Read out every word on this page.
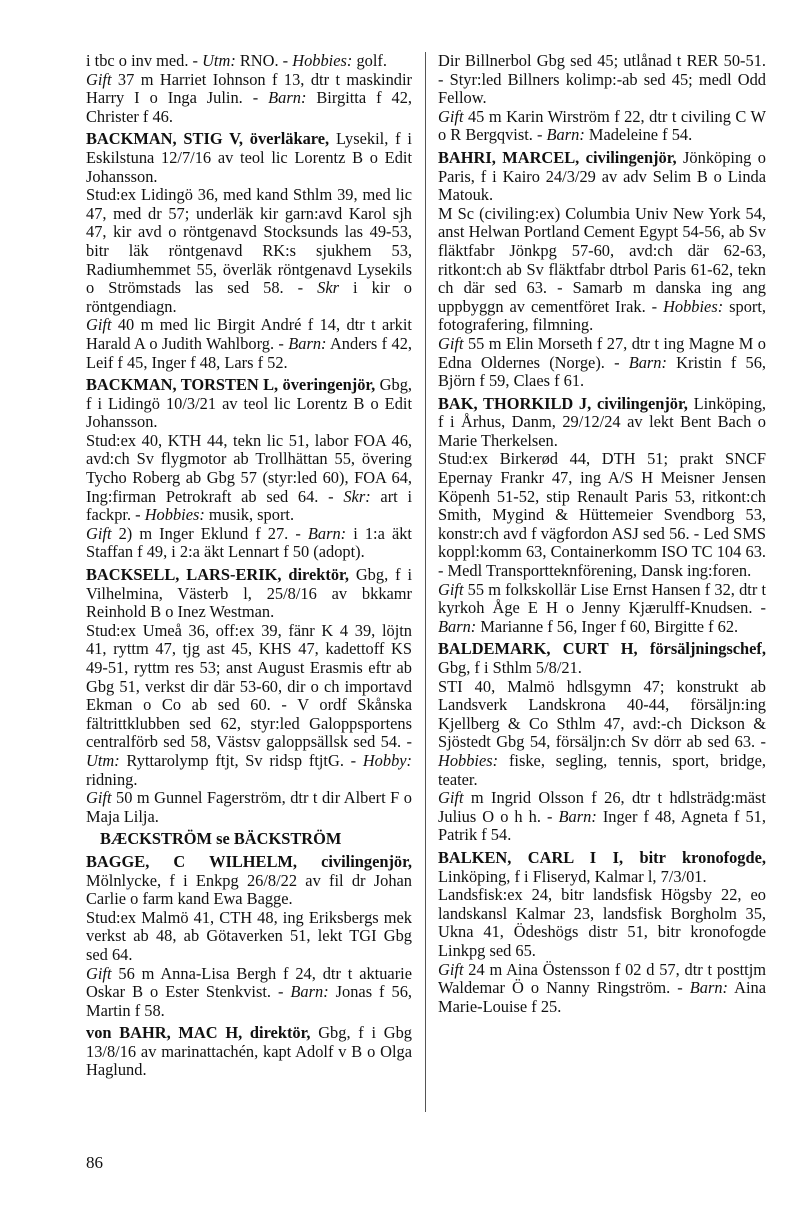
i tbc o inv med. - Utm: RNO. - Hobbies: golf.
Gift 37 m Harriet Iohnson f 13, dtr t maskindir Harry I o Inga Julin. - Barn: Birgitta f 42, Christer f 46.
BACKMAN, STIG V, överläkare, Lysekil, f i Eskilstuna 12/7/16 av teol lic Lorentz B o Edit Johansson.
Stud:ex Lidingö 36, med kand Sthlm 39, med lic 47, med dr 57; underläk kir garn:avd Karol sjh 47, kir avd o röntgenavd Stocksunds las 49-53, bitr läk röntgenavd RK:s sjukhem 53, Radiumhemmet 55, överläk röntgenavd Lysekils o Strömstads las sed 58. - Skr i kir o röntgendiagn.
Gift 40 m med lic Birgit André f 14, dtr t arkit Harald A o Judith Wahlborg. - Barn: Anders f 42, Leif f 45, Inger f 48, Lars f 52.
BACKMAN, TORSTEN L, överingenjör, Gbg, f i Lidingö 10/3/21 av teol lic Lorentz B o Edit Johansson.
Stud:ex 40, KTH 44, tekn lic 51, labor FOA 46, avd:ch Sv flygmotor ab Trollhättan 55, övering Tycho Roberg ab Gbg 57 (styr:led 60), FOA 64, Ing:firman Petrokraft ab sed 64. - Skr: art i fackpr. - Hobbies: musik, sport.
Gift 2) m Inger Eklund f 27. - Barn: i 1:a äkt Staffan f 49, i 2:a äkt Lennart f 50 (adopt).
BACKSELL, LARS-ERIK, direktör, Gbg, f i Vilhelmina, Västerb l, 25/8/16 av bkkamr Reinhold B o Inez Westman.
Stud:ex Umeå 36, off:ex 39, fänr K 4 39, löjtn 41, ryttm 47, tjg ast 45, KHS 47, kadettoff KS 49-51, ryttm res 53; anst August Erasmis eftr ab Gbg 51, verkst dir där 53-60, dir o ch importavd Ekman o Co ab sed 60. - V ordf Skånska fältrittklubben sed 62, styr:led Galoppsportens centralförb sed 58, Västsv galoppsällsk sed 54. - Utm: Ryttarolymp ftjt, Sv ridsp ftjtG. - Hobby: ridning.
Gift 50 m Gunnel Fagerström, dtr t dir Albert F o Maja Lilja.
BÆCKSTRÖM se BÄCKSTRÖM
BAGGE, C WILHELM, civilingenjör, Mölnlycke, f i Enkpg 26/8/22 av fil dr Johan Carlie o farm kand Ewa Bagge.
Stud:ex Malmö 41, CTH 48, ing Eriksbergs mek verkst ab 48, ab Götaverken 51, lekt TGI Gbg sed 64.
Gift 56 m Anna-Lisa Bergh f 24, dtr t aktuarie Oskar B o Ester Stenkvist. - Barn: Jonas f 56, Martin f 58.
von BAHR, MAC H, direktör, Gbg, f i Gbg 13/8/16 av marinattachén, kapt Adolf v B o Olga Haglund.
Dir Billnerbol Gbg sed 45; utlånad t RER 50-51. - Styr:led Billners kolimp:-ab sed 45; medl Odd Fellow.
Gift 45 m Karin Wirström f 22, dtr t civiling C W o R Bergqvist. - Barn: Madeleine f 54.
BAHRI, MARCEL, civilingenjör, Jönköping o Paris, f i Kairo 24/3/29 av adv Selim B o Linda Matouk.
M Sc (civiling:ex) Columbia Univ New York 54, anst Helwan Portland Cement Egypt 54-56, ab Sv fläktfabr Jönkpg 57-60, avd:ch där 62-63, ritkont:ch ab Sv fläktfabr dtrbol Paris 61-62, tekn ch där sed 63. - Samarb m danska ing ang uppbyggn av cementföret Irak. - Hobbies: sport, fotografering, filmning.
Gift 55 m Elin Morseth f 27, dtr t ing Magne M o Edna Oldernes (Norge). - Barn: Kristin f 56, Björn f 59, Claes f 61.
BAK, THORKILD J, civilingenjör, Linköping, f i Århus, Danm, 29/12/24 av lekt Bent Bach o Marie Therkelsen.
Stud:ex Birkerød 44, DTH 51; prakt SNCF Epernay Frankr 47, ing A/S H Meisner Jensen Köpenh 51-52, stip Renault Paris 53, ritkont:ch Smith, Mygind & Hüttemeier Svendborg 53, konstr:ch avd f vägfordon ASJ sed 56. - Led SMS koppl:komm 63, Containerkomm ISO TC 104 63. - Medl Transportteknförening, Dansk ing:foren.
Gift 55 m folkskollär Lise Ernst Hansen f 32, dtr t kyrkoh Åge E H o Jenny Kjærulff-Knudsen. - Barn: Marianne f 56, Inger f 60, Birgitte f 62.
BALDEMARK, CURT H, försäljningschef, Gbg, f i Sthlm 5/8/21.
STI 40, Malmö hdlsgymn 47; konstrukt ab Landsverk Landskrona 40-44, försäljn:ing Kjellberg & Co Sthlm 47, avd:-ch Dickson & Sjöstedt Gbg 54, försäljn:ch Sv dörr ab sed 63. - Hobbies: fiske, segling, tennis, sport, bridge, teater.
Gift m Ingrid Olsson f 26, dtr t hdlsträdg:mäst Julius O o h h. - Barn: Inger f 48, Agneta f 51, Patrik f 54.
BALKEN, CARL I I, bitr kronofogde, Linköping, f i Fliseryd, Kalmar l, 7/3/01.
Landsfisk:ex 24, bitr landsfisk Högsby 22, eo landskansl Kalmar 23, landsfisk Borgholm 35, Ukna 41, Ödeshögs distr 51, bitr kronofogde Linkpg sed 65.
Gift 24 m Aina Östensson f 02 d 57, dtr t posttjm Waldemar Ö o Nanny Ringström. - Barn: Aina Marie-Louise f 25.
86
